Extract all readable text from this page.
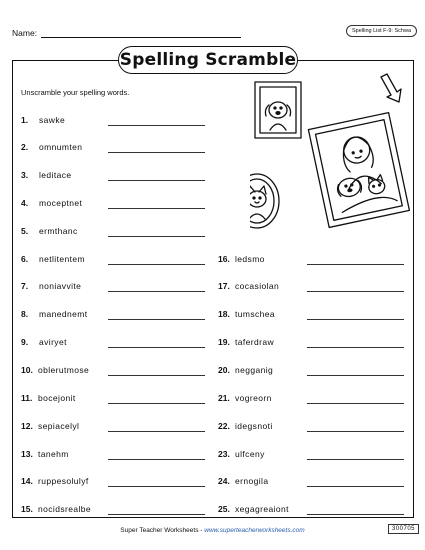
Name:	Spelling List F-9: Schwa
Spelling Scramble
Unscramble your spelling words.
1.	sawke
2.	omnumten
3.	leditace
4.	moceptnet
5.	ermthanc
6.	netlitentem
7.	noniavvite
8.	manednemt
9.	aviryet
10. oblerutmose
11. bocejonit
12. sepiacelyl
13. tanehm
14. ruppesolulyf
15. nocidsrealbe
16. ledsmo
17. cocasiolan
18. tumschea
19. taferdraw
20. negganig
21. vogreorn
22. idegsnoti
23. ulfceny
24. ernogila
25. xegagreaiont
Super Teacher Worksheets - www.superteacherworksheets.com	300705
